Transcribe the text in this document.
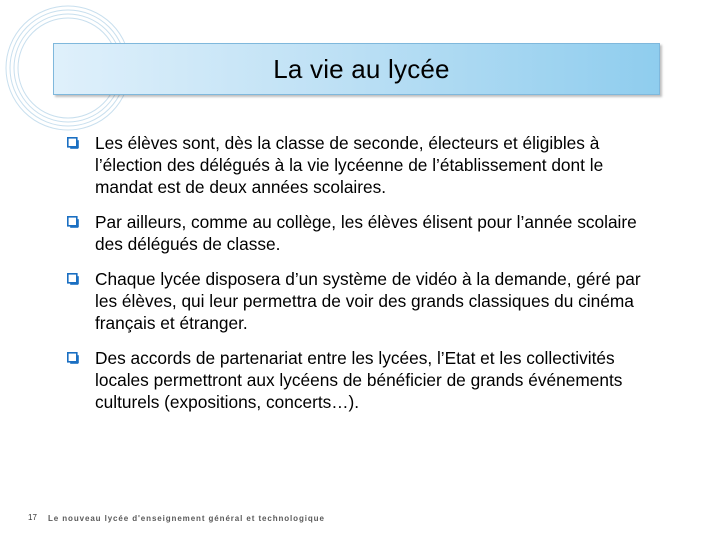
La vie au lycée
Les élèves sont, dès la classe de seconde, électeurs et éligibles à l’élection des délégués à la vie lycéenne de l’établissement dont le mandat est de deux années scolaires.
Par ailleurs, comme au collège, les élèves élisent pour l’année scolaire des délégués de classe.
Chaque lycée disposera d’un système de vidéo à la demande, géré par les élèves, qui leur permettra de voir des grands classiques du cinéma français et étranger.
Des accords de partenariat entre les lycées, l’Etat et les collectivités locales permettront aux lycéens de bénéficier de grands événements culturels (expositions, concerts…).
17 Le nouveau lycée d'enseignement général et technologique
